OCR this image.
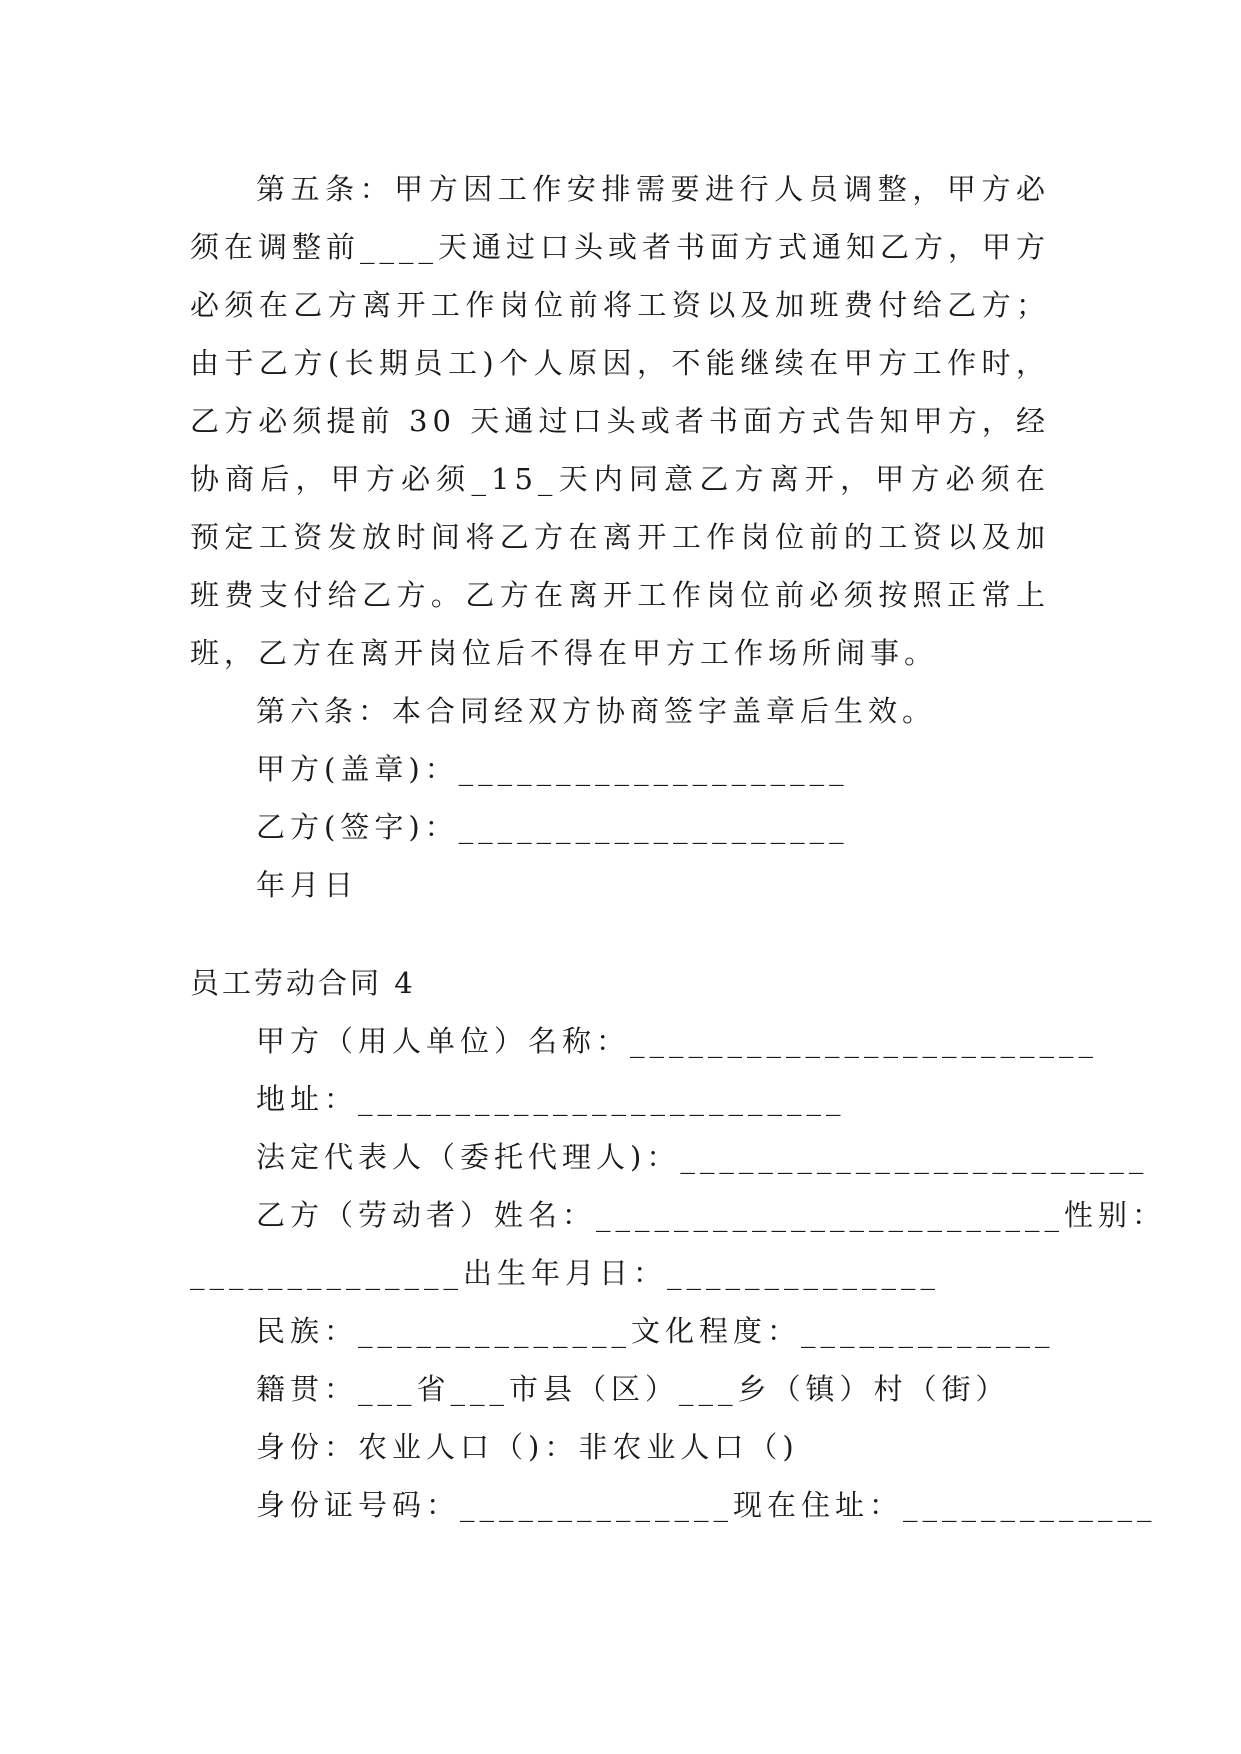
第五条：甲方因工作安排需要进行人员调整，甲方必须在调整前____天通过口头或者书面方式通知乙方，甲方必须在乙方离开工作岗位前将工资以及加班费付给乙方；由于乙方(长期员工)个人原因，不能继续在甲方工作时，乙方必须提前 30 天通过口头或者书面方式告知甲方，经协商后，甲方必须_15_天内同意乙方离开，甲方必须在预定工资发放时间将乙方在离开工作岗位前的工资以及加班费支付给乙方。乙方在离开工作岗位前必须按照正常上班，乙方在离开岗位后不得在甲方工作场所闹事。

第六条：本合同经双方协商签字盖章后生效。

甲方(盖章)：____________________

乙方(签字)：____________________

年月日

员工劳动合同 4

甲方（用人单位）名称：________________________

地址：_________________________

法定代表人（委托代理人)：________________________

乙方（劳动者）姓名：________________________性别：

______________出生年月日：______________

民族：______________文化程度：_____________

籍贯：___省___市县（区）___乡（镇）村（街）

身份：农业人口（)：非农业人口（)

身份证号码：______________现在住址：_____________
